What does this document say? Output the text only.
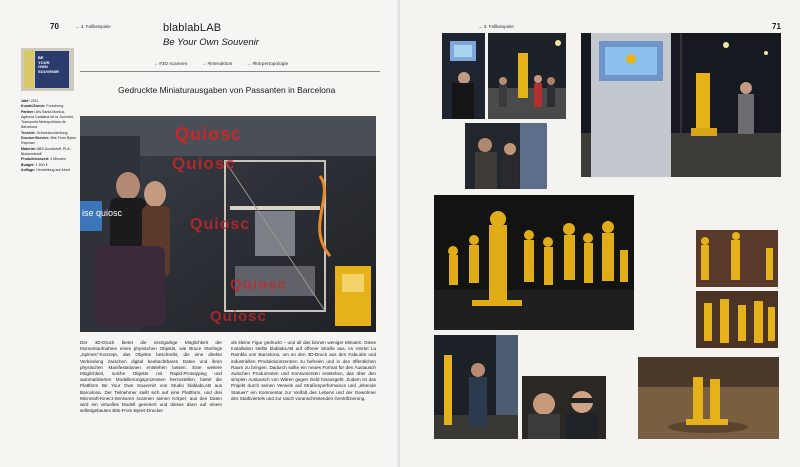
70	→ 3. Fallbeispiele
BE
YOUR
OWN
SOUVENIR
blablabLAB
Be Your Own Souvenir
→ #3D scannen	→ #interaktion	→ #körpertopologie
Gedruckte Miniaturausgaben von Passanten in Barcelona
Jahr: 2011
Kunde/Zweck: Forschung
Partner: Ars Santa Mònica, Agència Catalana de la Juventut, Transports Metropolitans de Barcelona
Technik: Schmelzschichtung
Drucker/Service: Bits From Bytes Rapman
Material: ABS-Kunststoff, PLA-Biokunststoff
Produktionszeit: 3 Minuten
Budget: 1.500 €
Auflage: Herstellung auf Abruf
ise quiosc
Quiosc
Quiosc
Quiosc
Quiosc
Quiosc
Der 3D-Druck bietet die einzigartige Möglichkeit der Momentaufnahme eines physischen Objekts, wie Bruce Sterlings „Spimes“-Konzept, das Objekte beschreibt, die eine direkte Verbindung zwischen digital beobachtbaren Daten und ihren physischen Manifestationen entstehen lassen. Eine weitere Möglichkeit, solche Objekte mit Rapid-Prototyping und automatisierten Modellierungsprozessen herzustellen, bietet die Plattform Be Your Own Souvenir! von Studio blablabLAB aus Barcelona. Der Teilnehmer stellt sich auf eine Plattform, und drei Microsoft-Kinect-Sensoren scannen seinen Körper; aus den Daten wird ein virtuelles Modell generiert und dieses dann auf einem selbstgebauten Bits-From-Bytes-Drucker
als kleine Figur gedruckt – und all das binnen weniger Minuten. Diese Installation stellte blablabLAB auf offener Straße aus, im Viertel La Rambla von Barcelona, um so den 3D-Druck aus den FabLabs und industriellen Produktionszentren zu befreien und in den öffentlichen Raum zu bringen. Dadurch sollte ein neues Format für den Austausch zwischen Produzenten und Konsumenten entstehen, das über den simplen Austausch von Waren gegen Geld hinausgeht. Zudem ist das Projekt durch seinen Verweis auf Straßenperformance und „lebende Statuen“ ein Kommentar zur Vielfalt des Lebens und der Gewohner des Stadtviertels und zur rasch voranschreitenden Gentrifizierung.
→ 3. Fallbeispiele	71
